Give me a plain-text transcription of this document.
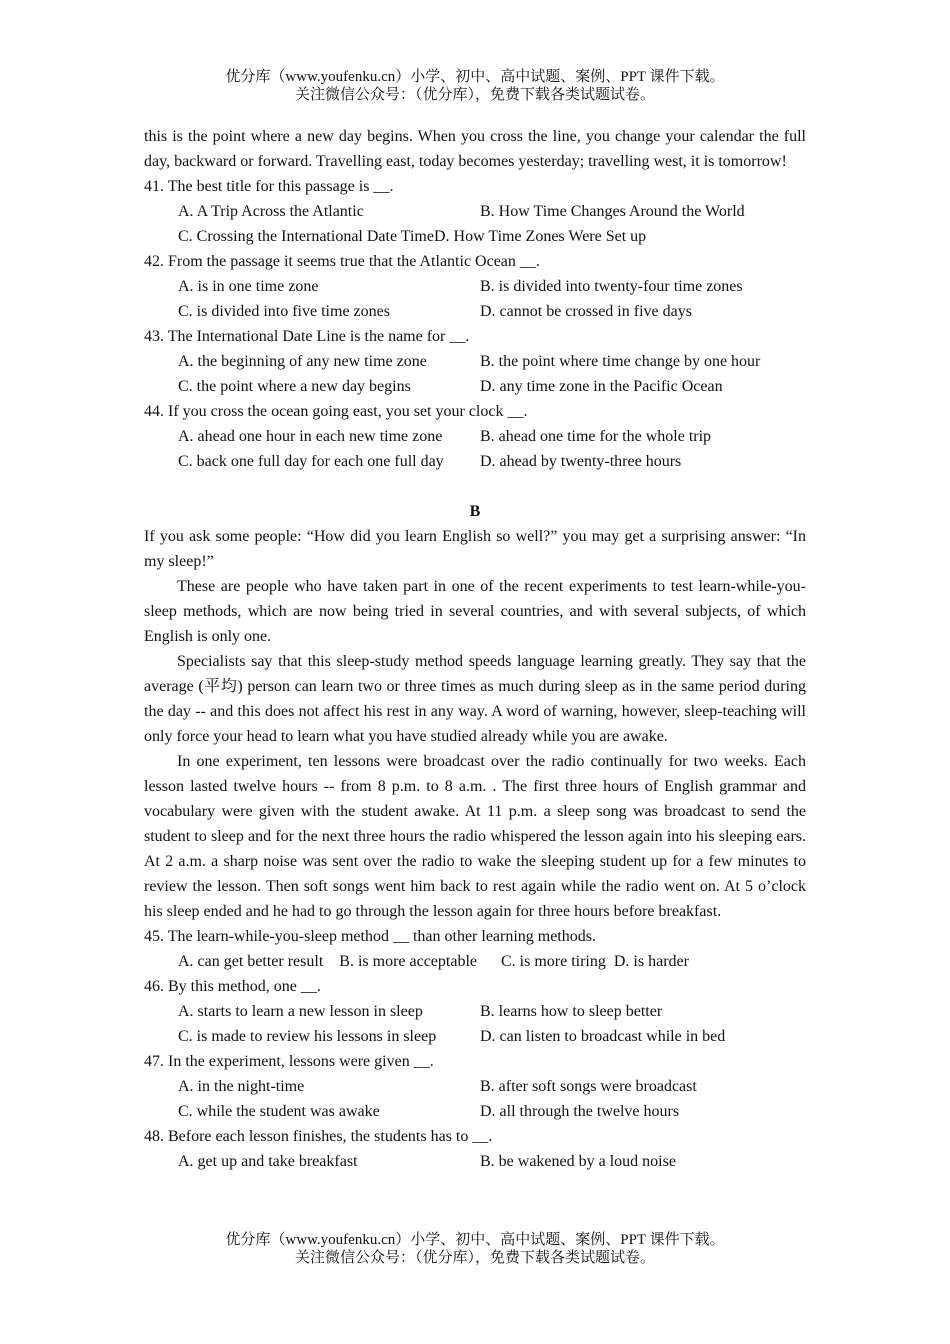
优分库（www.youfenku.cn）小学、初中、高中试题、案例、PPT 课件下载。
关注微信公众号：（优分库），免费下载各类试题试卷。

this is the point where a new day begins. When you cross the line, you change your calendar the full day, backward or forward. Travelling east, today becomes yesterday; travelling west, it is tomorrow!

41. The best title for this passage is __.
A. A Trip Across the Atlantic	B. How Time Changes Around the World
C. Crossing the International Date TimeD. How Time Zones Were Set up
42. From the passage it seems true that the Atlantic Ocean __.
A. is in one time zone	B. is divided into twenty-four time zones
C. is divided into five time zones	D. cannot be crossed in five days
43. The International Date Line is the name for __.
A. the beginning of any new time zone	B. the point where time change by one hour
C. the point where a new day begins	D. any time zone in the Pacific Ocean
44. If you cross the ocean going east, you set your clock __.
A. ahead one hour in each new time zone	B. ahead one time for the whole trip
C. back one full day for each one full day	D. ahead by twenty-three hours
B

If you ask some people: “How did you learn English so well?” you may get a surprising answer: “In my sleep!”

These are people who have taken part in one of the recent experiments to test learn-while-you-sleep methods, which are now being tried in several countries, and with several subjects, of which English is only one.

Specialists say that this sleep-study method speeds language learning greatly. They say that the average (平均) person can learn two or three times as much during sleep as in the same period during the day -- and this does not affect his rest in any way. A word of warning, however, sleep-teaching will only force your head to learn what you have studied already while you are awake.

In one experiment, ten lessons were broadcast over the radio continually for two weeks. Each lesson lasted twelve hours -- from 8 p.m. to 8 a.m. . The first three hours of English grammar and vocabulary were given with the student awake. At 11 p.m. a sleep song was broadcast to send the student to sleep and for the next three hours the radio whispered the lesson again into his sleeping ears. At 2 a.m. a sharp noise was sent over the radio to wake the sleeping student up for a few minutes to review the lesson. Then soft songs went him back to rest again while the radio went on. At 5 o’clock his sleep ended and he had to go through the lesson again for three hours before breakfast.

45. The learn-while-you-sleep method __ than other learning methods.
A. can get better result    B. is more acceptable      C. is more tiring  D. is harder
46. By this method, one __.
A. starts to learn a new lesson in sleep	B. learns how to sleep better
C. is made to review his lessons in sleep	D. can listen to broadcast while in bed
47. In the experiment, lessons were given __.
A. in the night-time	B. after soft songs were broadcast
C. while the student was awake	D. all through the twelve hours
48. Before each lesson finishes, the students has to __.
A. get up and take breakfast	B. be wakened by a loud noise
优分库（www.youfenku.cn）小学、初中、高中试题、案例、PPT 课件下载。
关注微信公众号：（优分库），免费下载各类试题试卷。
